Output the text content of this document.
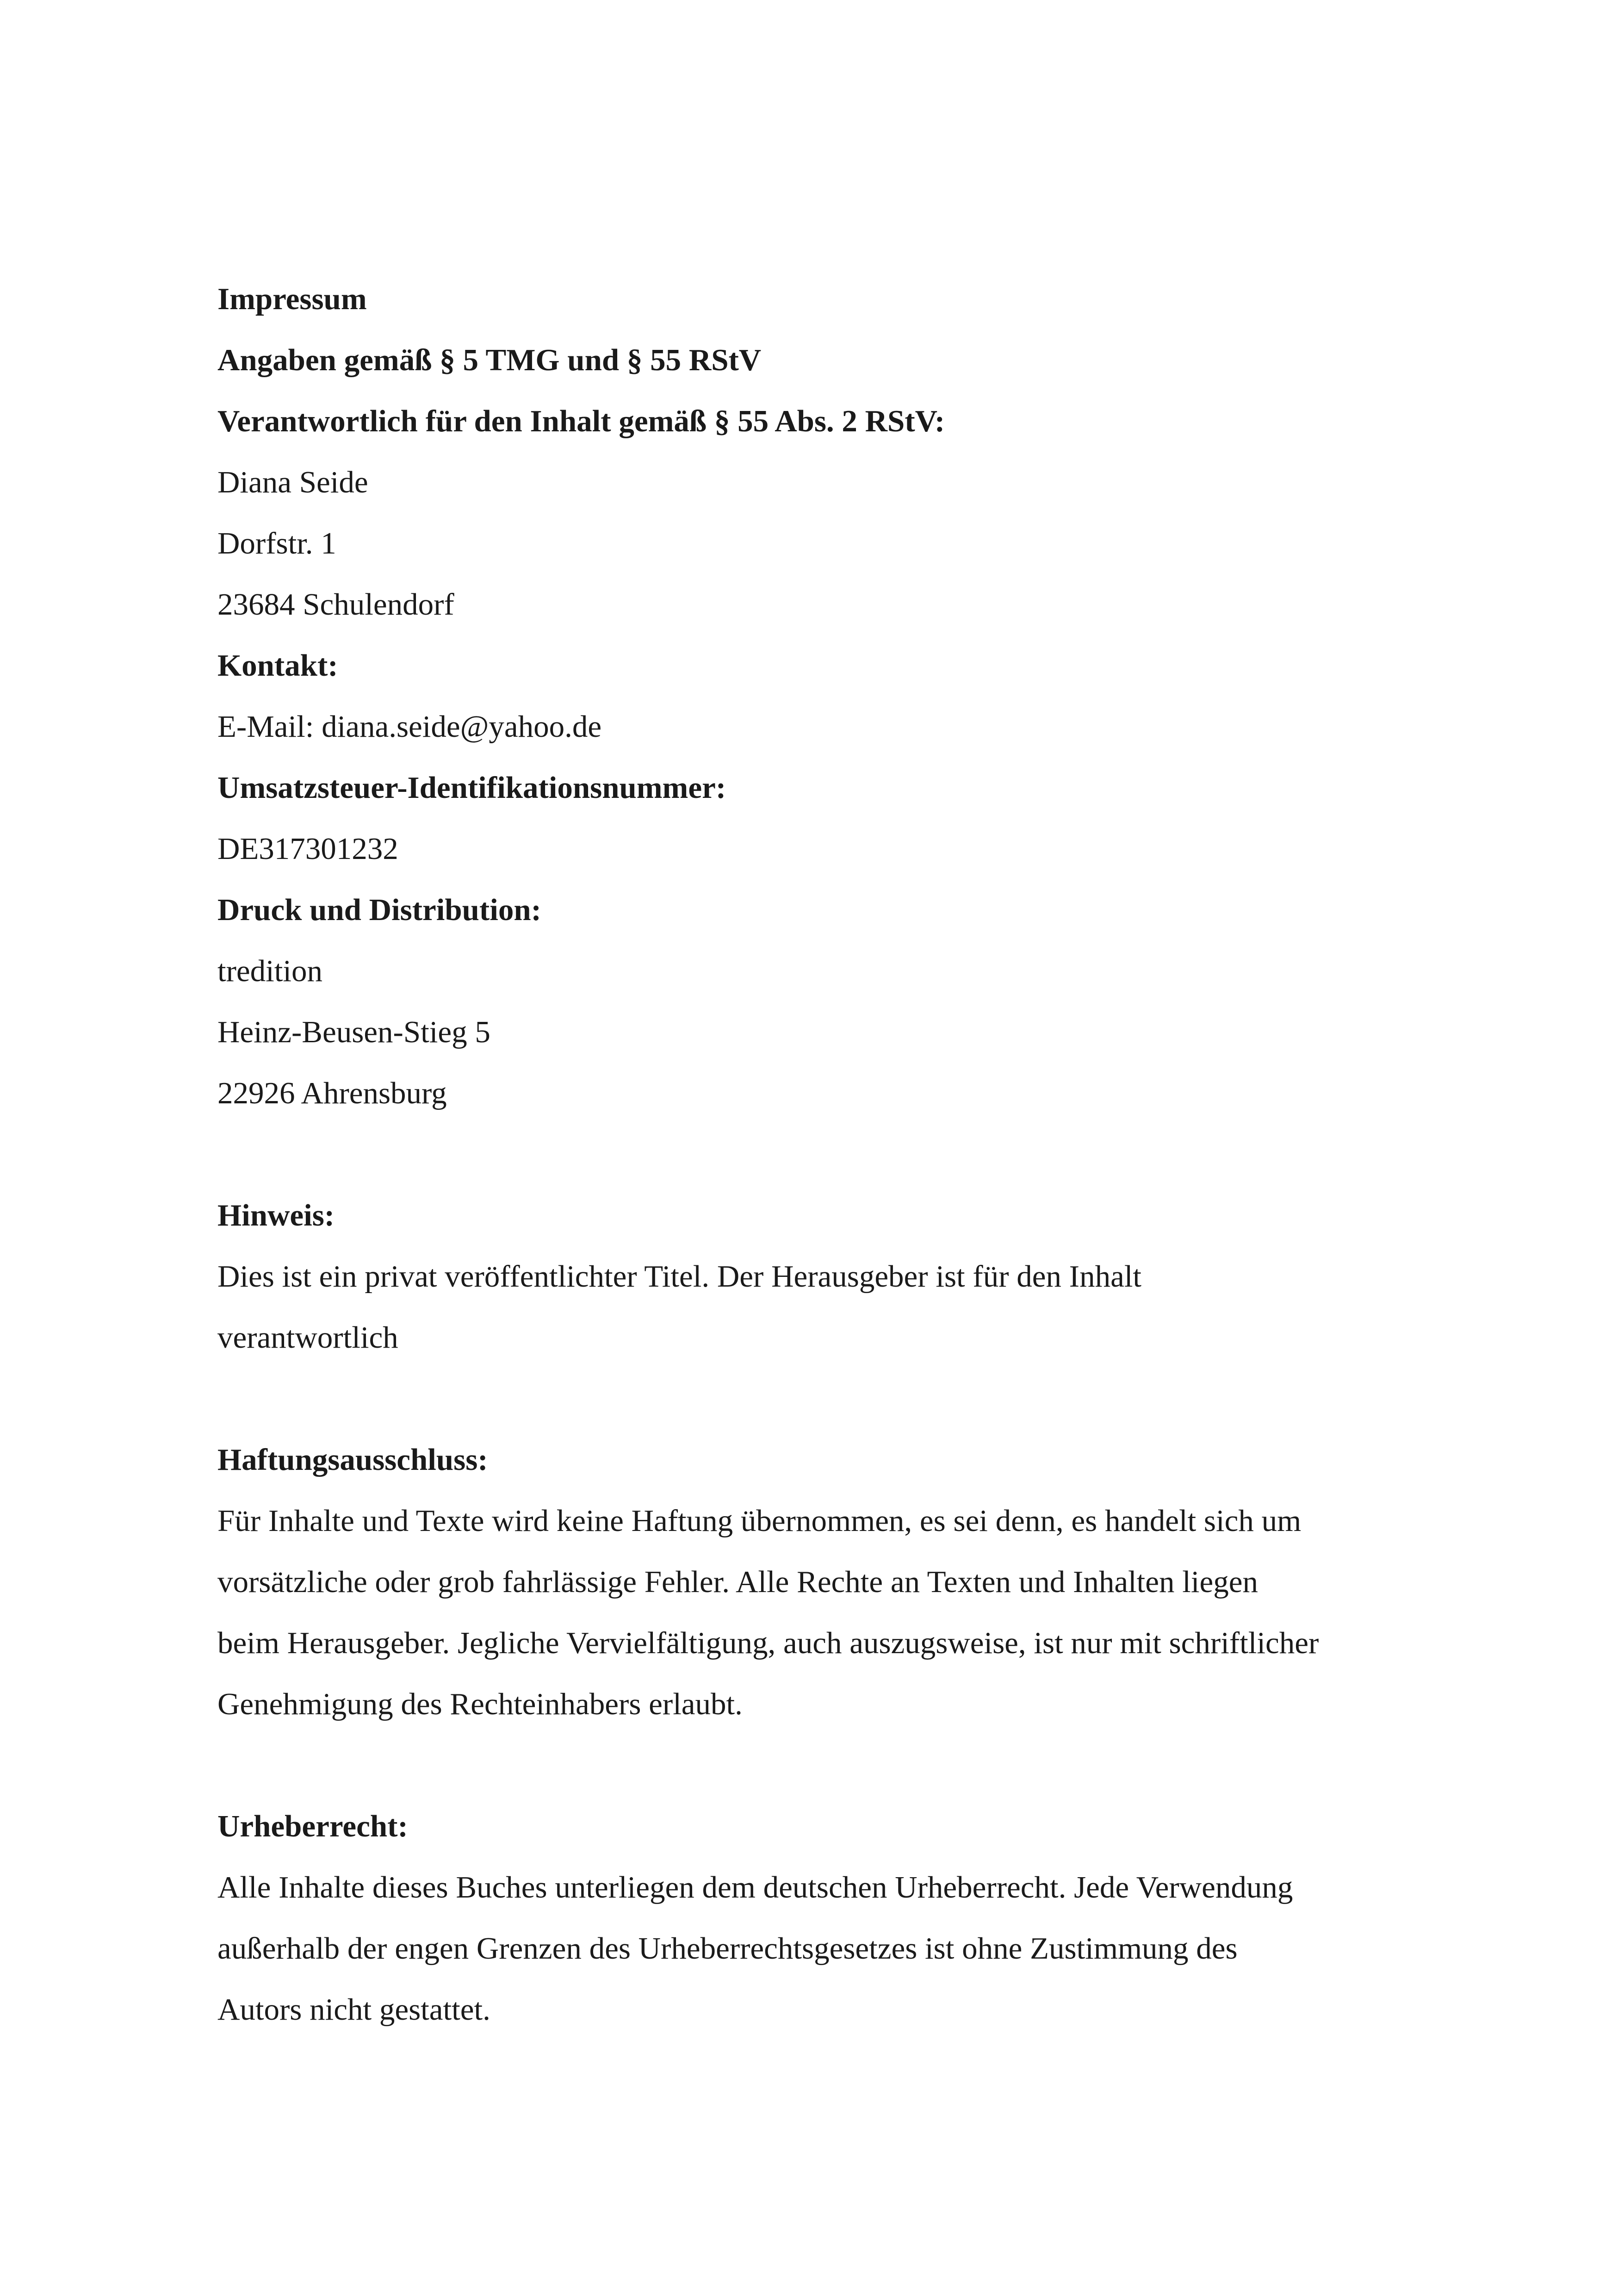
Impressum
Angaben gemäß § 5 TMG und § 55 RStV
Verantwortlich für den Inhalt gemäß § 55 Abs. 2 RStV:
Diana Seide
Dorfstr. 1
23684 Schulendorf
Kontakt:
E-Mail: diana.seide@yahoo.de
Umsatzsteuer-Identifikationsnummer:
DE317301232
Druck und Distribution:
tredition
Heinz-Beusen-Stieg 5
22926 Ahrensburg
Hinweis:
Dies ist ein privat veröffentlichter Titel. Der Herausgeber ist für den Inhalt
verantwortlich
Haftungsausschluss:
Für Inhalte und Texte wird keine Haftung übernommen, es sei denn, es handelt sich um
vorsätzliche oder grob fahrlässige Fehler. Alle Rechte an Texten und Inhalten liegen
beim Herausgeber. Jegliche Vervielfältigung, auch auszugsweise, ist nur mit schriftlicher
Genehmigung des Rechteinhabers erlaubt.
Urheberrecht:
Alle Inhalte dieses Buches unterliegen dem deutschen Urheberrecht. Jede Verwendung
außerhalb der engen Grenzen des Urheberrechtsgesetzes ist ohne Zustimmung des
Autors nicht gestattet.
